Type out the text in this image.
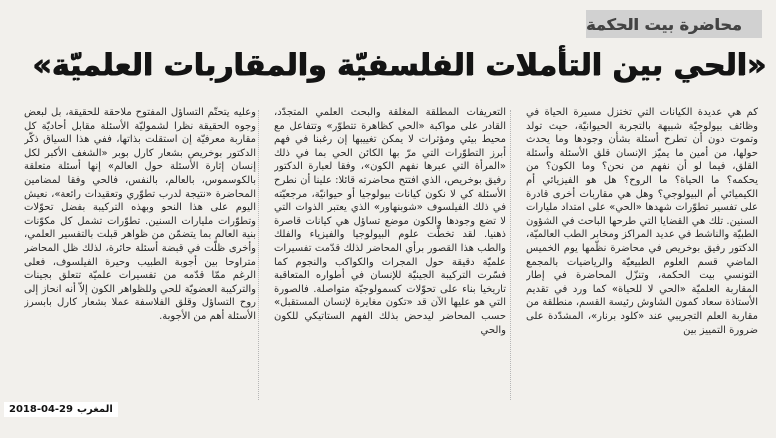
محاضرة بيت الحكمة
«الحي بين التأملات الفلسفيّة والمقاربات العلميّة»
كم هي عديدة الكيانات التي تختزل مسيرة الحياة في وظائف بيولوجيّة شبيهة بالتجربة الحيوانيّة، حيث تولد وتموت دون أن تطرح أسئلة بشأن وجودها وما يحدث حولها، من أمين ما يميّز الإنسان قلق الأسئلة وأسئلة القلق، فيما لو أن نفهم من نحن؟ وما الكون؟ من يحكمه؟ ما الحياة؟ ما الروح؟ هل هو الفيزيائي أم الكيميائي أم البيولوجي؟ وهل هي مقاربات أخرى قادرة على تفسير تطوّرات شهدها «الحي» على امتداد مليارات السنين. تلك هي القضايا التي طرحها الباحث في الشؤون الطبيّة والناشط في عديد المراكز ومخابر الطب العالميّة، الدكتور رفيق بوخريص في محاضرة نظّمها يوم الخميس الماضي قسم العلوم الطبيعيّة والرياضيات بالمجمع التونسي بيت الحكمة، وتنزّل المحاضرة في إطار المقاربة العلميّة «الحي لا للحياة» كما ورد في تقديم الأستاذة سعاد كمون الشاوش رئيسة القسم، منطلقة من مقاربة العلم التجريبي عند «كلود برنار»، المشدّدة على ضرورة التمييز بين
التعريفات المطلقة المغلقة والبحث العلمي المتجدّد، القادر على مواكبة «الحي كظاهرة تتطوّر» وتتفاعل مع محيط بيئي ومؤثرات لا يمكن تغييبها إن رغبنا في فهم أبرز التطوّرات التي مرّ بها الكائن الحي بما في ذلك «المرأة التي عبرها نفهم الكون»، وفقا لعبارة الدكتور رفيق بوخريص، الذي افتتح محاضرته قائلا: علينا أن نطرح الأسئلة كي لا نكون كيانات بيولوجيا أو حيوانيّة، مرجعيّته في ذلك الفيلسوف «شوبنهاور» الذي يعتبر الذوات التي لا تضع وجودها والكون موضع تساؤل هي كيانات قاصرة ذهنيا. لقد تخطّت علوم البيولوجيا والفيزياء والفلك والطب هذا القصور برأي المحاضر لذلك قدّمت تفسيرات علميّة دقيقة حول المجرات والكواكب والنجوم كما فسّرت التركيبة الجينيّة للإنسان في أطواره المتعاقبة تاريخيا بناء على تحوّلات كسمولوجيّة متواصلة. فالصورة التي هو عليها الآن قد «تكون مغايرة لإنسان المستقبل» حسب المحاضر ليدحض بذلك الفهم الستاتيكي للكون والحي
وعليه يتحتّم التساؤل المفتوح ملاحقة للحقيقة، بل لبعض وجوه الحقيقة نظرا لشموليّة الأسئلة مقابل أحاديّة كل مقاربة معرفيّة إن استقلت بذاتها، ففي هذا السياق ذكّر الدكتور بوخريص بشعار كارل بوبر «الشغف الأكبر لكل إنسان إثارة الأسئلة حول العالم» إنها أسئلة متعلقة بالكوسموس، بالعالم، بالنفس، فالحي وفقا لمضامين المحاضرة «نتيجة لدرب تطوّري وتعقيدات رائعة»، نعيش اليوم على هذا النحو وبهذه التركيبة بفضل تحوّلات وتطوّرات مليارات السنين. تطوّرات تشمل كل مكوّنات بنية العالم بما يتضمّن من ظواهر قبلت بالتفسير العلمي، وأخرى ظلّت في قبضة أسئلة حائرة، لذلك ظل المحاضر متراوحا بين أجوبة الطبيب وحيرة الفيلسوف، فعلى الرغم ممّا قدّمه من تفسيرات علميّة تتعلق بجينات والتركيبة العضويّة للحي وللظواهر الكون إلاّ أنه انحاز إلى روح التساؤل وقلق الفلاسفة عملا بشعار كارل بابسرز الأسئلة أهم من الأجوبة.
2018-04-29 المغرب
